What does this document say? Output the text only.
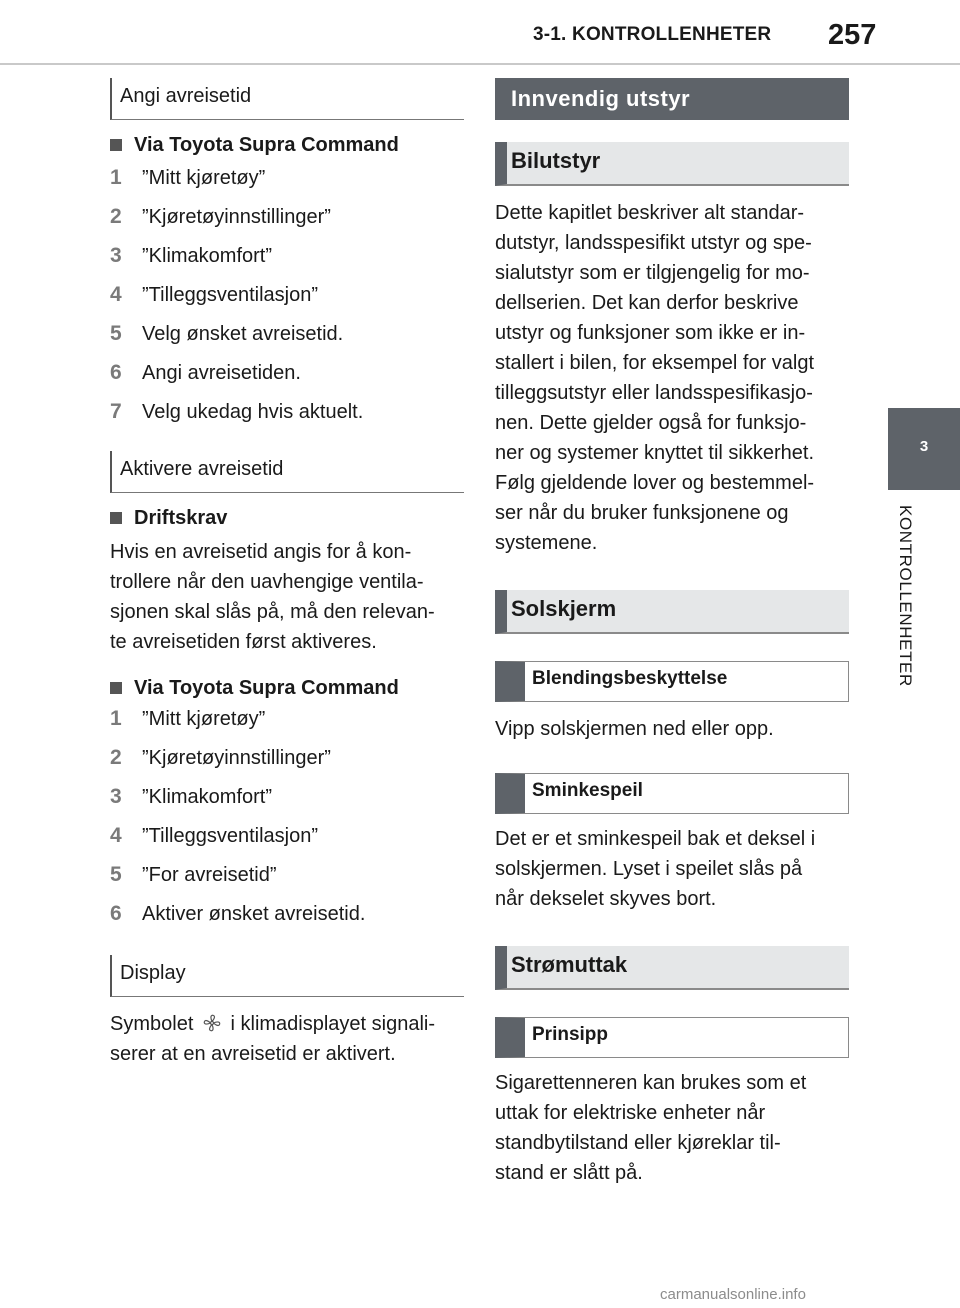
3-1. KONTROLLENHETER 257
3
KONTROLLENHETER
Angi avreisetid
Via Toyota Supra Command
1	”Mitt kjøretøy”
2	”Kjøretøyinnstillinger”
3	”Klimakomfort”
4	”Tilleggsventilasjon”
5	Velg ønsket avreisetid.
6	Angi avreisetiden.
7	Velg ukedag hvis aktuelt.
Aktivere avreisetid
Driftskrav

Hvis en avreisetid angis for å kon-

trollere når den uavhengige ventila-

sjonen skal slås på, må den relevan-

te avreisetiden først aktiveres.

Via Toyota Supra Command
1	”Mitt kjøretøy”
2	”Kjøretøyinnstillinger”
3	”Klimakomfort”
4	”Tilleggsventilasjon”
5	”For avreisetid”
6	Aktiver ønsket avreisetid.
Display

Symbolet i klimadisplayet signali-

serer at en avreisetid er aktivert.

Innvendig utstyr
Bilutstyr

Dette kapitlet beskriver alt standar-

dutstyr, landsspesifikt utstyr og spe-

sialutstyr som er tilgjengelig for mo-

dellserien. Det kan derfor beskrive

utstyr og funksjoner som ikke er in-

stallert i bilen, for eksempel for valgt

tilleggsutstyr eller landsspesifikasjo-

nen. Dette gjelder også for funksjo-

ner og systemer knyttet til sikkerhet.

Følg gjeldende lover og bestemmel-

ser når du bruker funksjonene og

systemene.

Solskjerm
Blendingsbeskyttelse

Vipp solskjermen ned eller opp.

Sminkespeil

Det er et sminkespeil bak et deksel i

solskjermen. Lyset i speilet slås på

når dekselet skyves bort.

Strømuttak
Prinsipp

Sigarettenneren kan brukes som et

uttak for elektriske enheter når

standbytilstand eller kjøreklar til-

stand er slått på.

carmanualsonline.info
